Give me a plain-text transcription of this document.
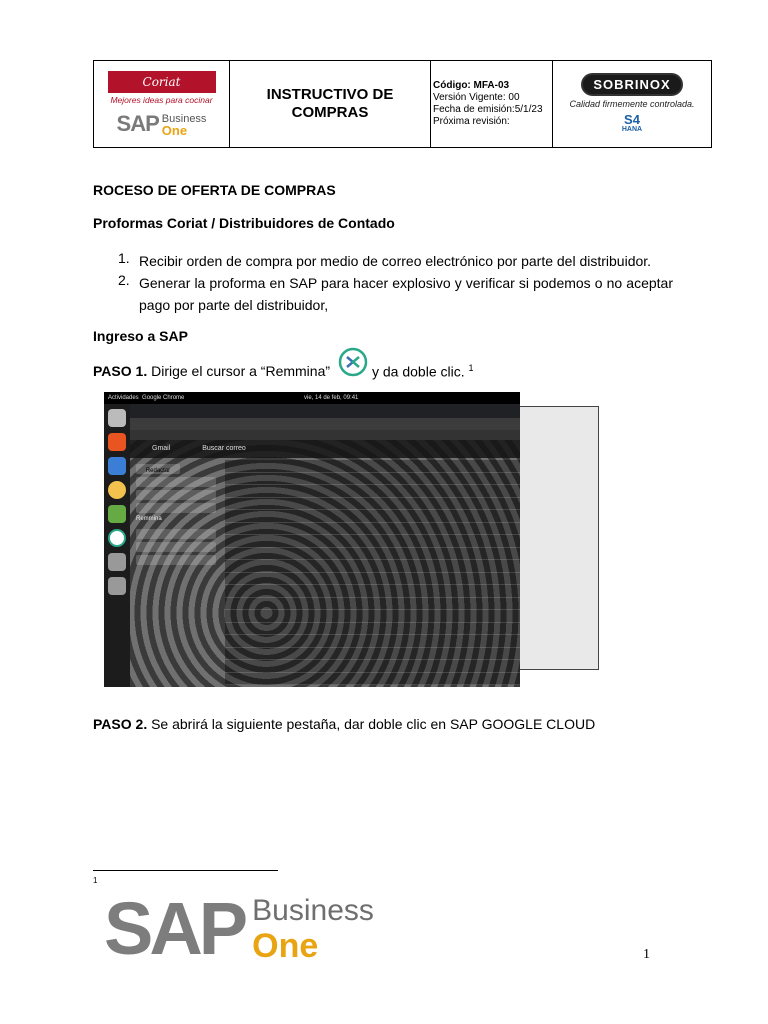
Coriat
Mejores ideas para cocinar
SAP Business
One
	INSTRUCTIVO DE COMPRAS	
Código: MFA-03
Versión Vigente: 00
Fecha de emisión:5/1/23
Próxima revisión:
	SOBRINOX
Calidad firmemente controlada.
S4
HANA
ROCESO DE OFERTA DE COMPRAS
Proformas Coriat / Distribuidores de Contado
1. Recibir orden de compra por medio de correo electrónico por parte del distribuidor.
2. Generar la proforma en SAP para hacer explosivo y verificar si podemos o no aceptar pago por parte del distribuidor,
Ingreso a SAP
PASO 1. Dirige el cursor a “Remmina”	y da doble clic. $^1$
Actividades Google Chrome	vie, 14 de feb, 09:41
Gmail	Buscar correo
Redactar
Remmina
PASO 2. Se abrirá la siguiente pestaña, dar doble clic en SAP GOOGLE CLOUD
1
SAP Business
One	1
